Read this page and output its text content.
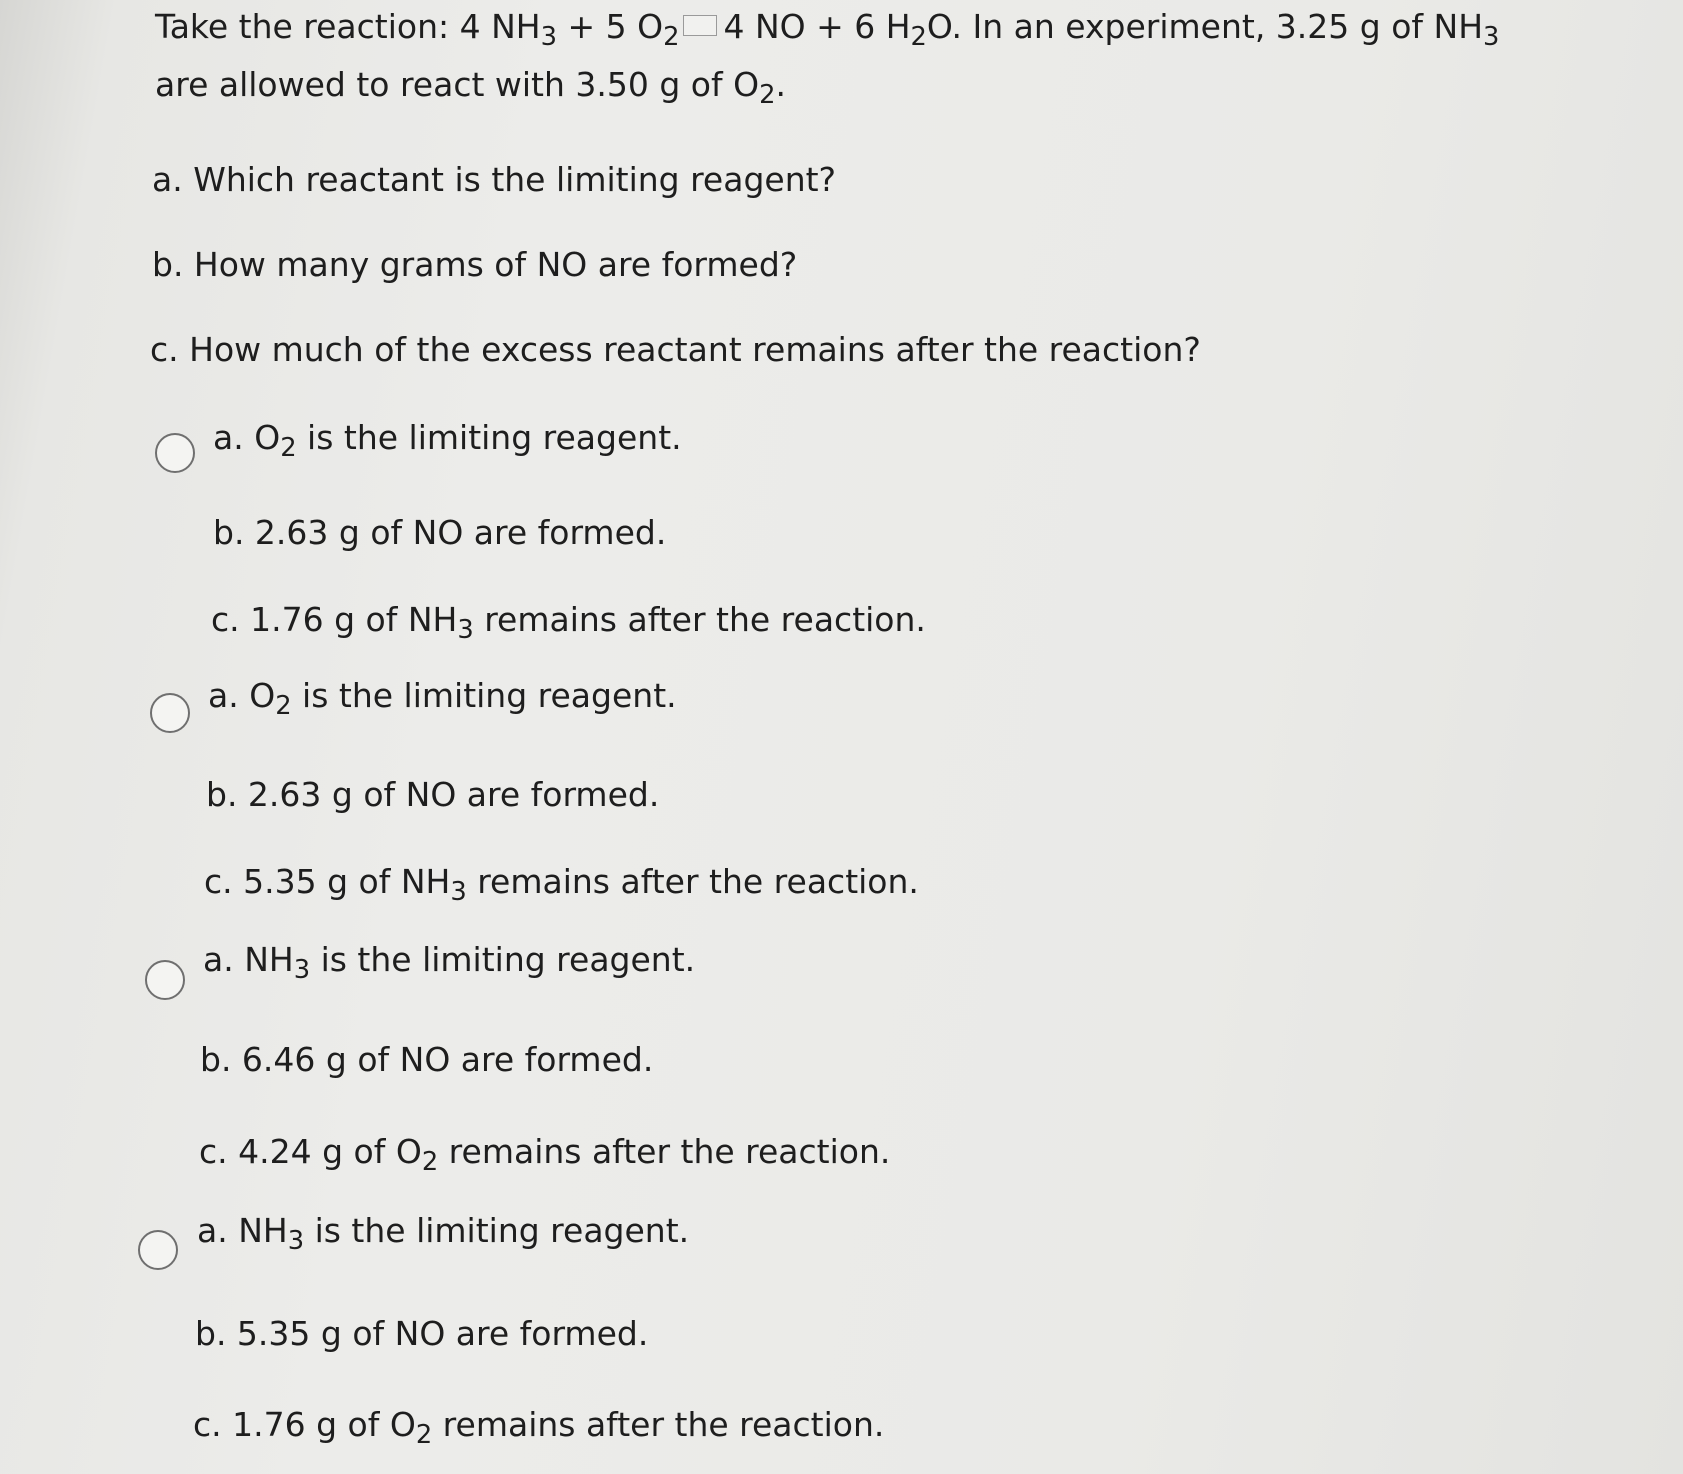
Take the reaction: 4 $NH_3 + 5$ $O_2$ 4 NO + 6 $H_2O$. In an experiment, 3.25 g of $NH_3$
are allowed to react with 3.50 g of $O_2$.
a. Which reactant is the limiting reagent?
b. How many grams of NO are formed?
c. How much of the excess reactant remains after the reaction?
a. $O_2$ is the limiting reagent.
b. 2.63 g of NO are formed.
c. 1.76 g of $NH_3$ remains after the reaction.
a. $O_2$ is the limiting reagent.
b. 2.63 g of NO are formed.
c. 5.35 g of $NH_3$ remains after the reaction.
a. $NH_3$ is the limiting reagent.
b. 6.46 g of NO are formed.
c. 4.24 g of $O_2$ remains after the reaction.
a. $NH_3$ is the limiting reagent.
b. 5.35 g of NO are formed.
c. 1.76 g of $O_2$ remains after the reaction.
